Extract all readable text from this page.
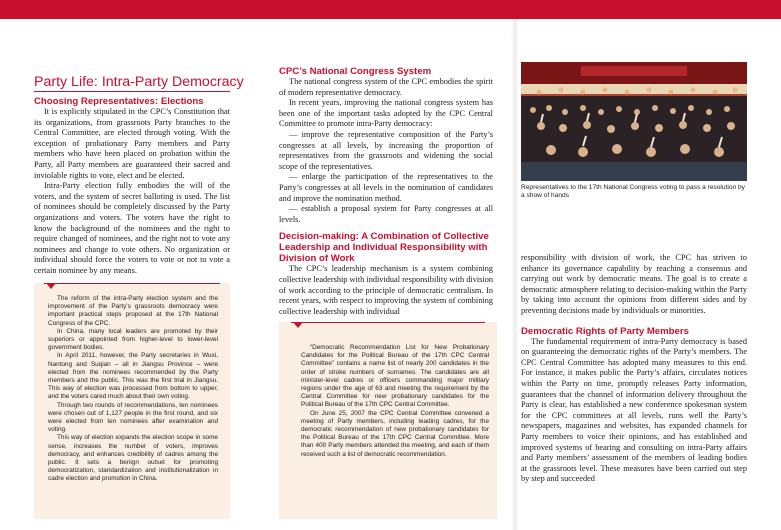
Party Life: Intra-Party Democracy
Choosing Representatives: Elections

It is explicitly stipulated in the CPC’s Constitution that its organizations, from grassroots Party branches to the Central Committee, are elected through voting. With the exception of probationary Party members and Party members who have been placed on probation within the Party, all Party members are guaranteed their sacred and inviolable rights to vote, elect and be elected.

Intra-Party election fully embodies the will of the voters, and the system of secret balloting is used. The list of nominees should be completely discussed by the Party organizations and voters. The voters have the right to know the background of the nominees and the right to require changed of nominees, and the right not to vote any nominees and change to vote others. No organization or individual should force the voters to vote or not to vote a certain nominee by any means.

The reform of the intra-Party election system and the improvement of the Party’s grassroots democracy were important practical steps proposed at the 17th National Congress of the CPC.

In China, many local leaders are promoted by their superiors or appointed from higher-level to lower-level government bodies.

In April 2011, however, the Party secretaries in Wuxi, Nantong and Suqian – all in Jiangsu Province – were elected from the nominees recommended by the Party members and the public. This was the first trial in Jiangsu. This way of election was processed from bottom to upper, and the voters cared much about their own voting.

Through two rounds of recommendations, ten nominees were chosen out of 1,127 people in the first round, and six were elected from ten nominees after examination and voting.

This way of election expands the election scope in some sense, increases the number of voters, improves democracy, and enhances credibility of cadres among the public. It sets a benign outset for promoting democratization, standardization and institutionalization in cadre election and promotion in China.

CPC’s National Congress System

The national congress system of the CPC embodies the spirit of modern representative democracy.

In recent years, improving the national congress system has been one of the important tasks adopted by the CPC Central Committee to promote intra-Party democracy:

— improve the representative composition of the Party’s congresses at all levels, by increasing the proportion of representatives from the grassroots and widening the social scope of the representatives.

— enlarge the participation of the representatives to the Party’s congresses at all levels in the nomination of candidates and improve the nomination method.

— establish a proposal system for Party congresses at all levels.

Decision-making: A Combination of Collective Leadership and Individual Responsibility with Division of Work

The CPC’s leadership mechanism is a system combining collective leadership with individual responsibility with division of work according to the principle of democratic centralism. In recent years, with respect to improving the system of combining collective leadership with individual

“Democratic Recommendation List for New Probationary Candidates for the Political Bureau of the 17th CPC Central Committee” contains a name list of nearly 200 candidates in the order of stroke numbers of surnames. The candidates are all minister-level cadres or officers commanding major military regions under the age of 63 and meeting the requirement by the Central Committee for new probationary candidates for the Political Bureau of the 17th CPC Central Committee.

On June 25, 2007 the CPC Central Committee convened a meeting of Party members, including leading cadres, for the democratic recommendation of new probationary candidates for the Political Bureau of the 17th CPC Central Committee. More than 400 Party members attended the meeting, and each of them received such a list of democratic recommendation.

Representatives to the 17th National Congress voting to pass a resolution by a show of hands

responsibility with division of work, the CPC has striven to enhance its governance capability by reaching a consensus and carrying out work by democratic means. The goal is to create a democratic atmosphere relating to decision-making within the Party by taking into account the opinions from different sides and by preventing decisions made by individuals or minorities.

Democratic Rights of Party Members

The fundamental requirement of intra-Party democracy is based on guaranteeing the democratic rights of the Party’s members. The CPC Central Committee has adopted many measures to this end. For instance, it makes public the Party’s affairs, circulates notices within the Party on time, promptly releases Party information, guarantees that the channel of information delivery throughout the Party is clear, has established a new conference spokesman system for the CPC committees at all levels, runs well the Party’s newspapers, magazines and websites, has expanded channels for Party members to voice their opinions, and has established and improved systems of hearing and consulting on intra-Party affairs and Party members’ assessment of the members of leading bodies at the grassroots level. These measures have been carried out step by step and succeeded
